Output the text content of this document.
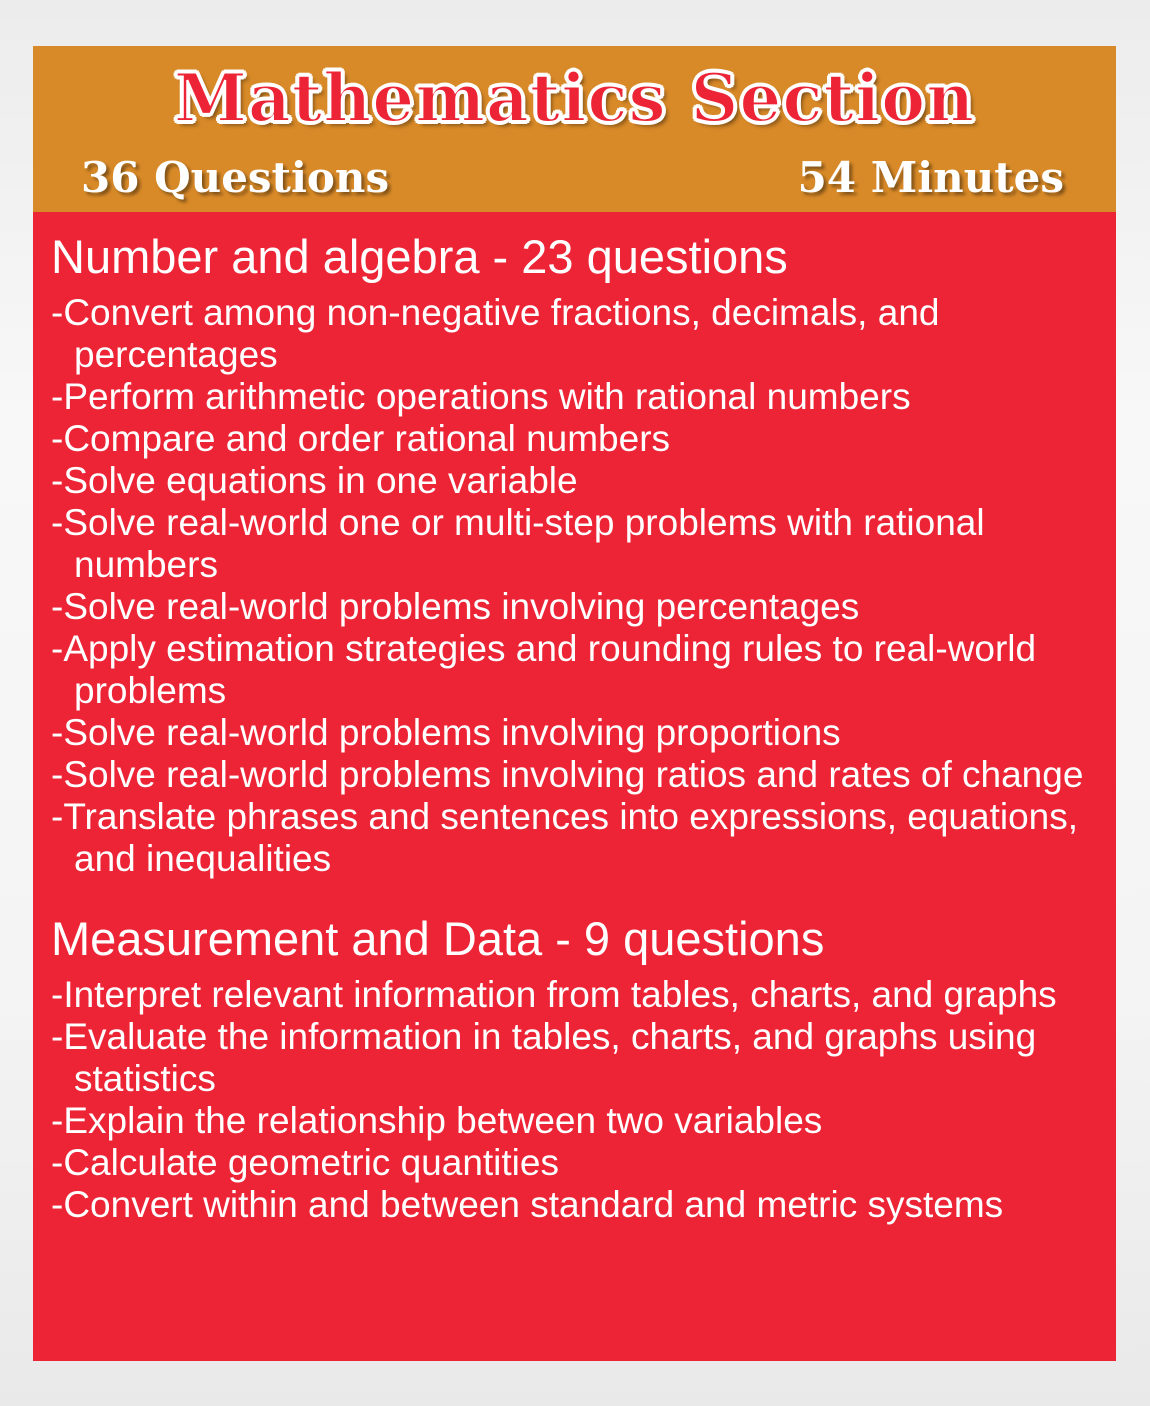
Mathematics Section
36 Questions	54 Minutes
Number and algebra - 23 questions
-Convert among non-negative fractions, decimals, and percentages
-Perform arithmetic operations with rational numbers
-Compare and order rational numbers
-Solve equations in one variable
-Solve real-world one or multi-step problems with rational numbers
-Solve real-world problems involving percentages
-Apply estimation strategies and rounding rules to real-world problems
-Solve real-world problems involving proportions
-Solve real-world problems involving ratios and rates of change
-Translate phrases and sentences into expressions, equations, and inequalities
Measurement and Data - 9 questions
-Interpret relevant information from tables, charts, and graphs
-Evaluate the information in tables, charts, and graphs using statistics
-Explain the relationship between two variables
-Calculate geometric quantities
-Convert within and between standard and metric systems
